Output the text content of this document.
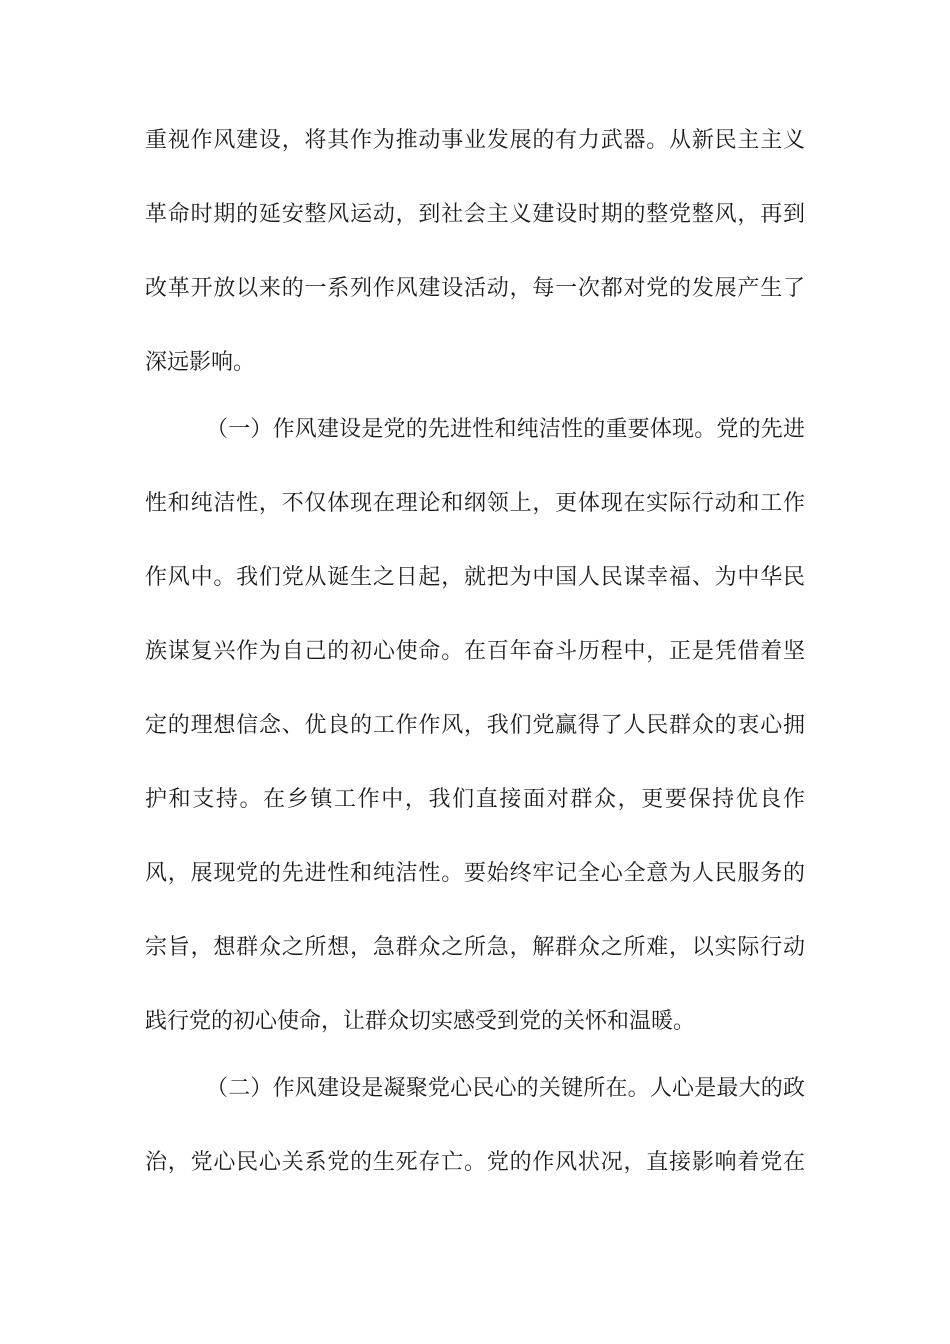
重视作风建设，将其作为推动事业发展的有力武器。从新民主主义
革命时期的延安整风运动，到社会主义建设时期的整党整风，再到
改革开放以来的一系列作风建设活动，每一次都对党的发展产生了
深远影响。
（一）作风建设是党的先进性和纯洁性的重要体现。党的先进
性和纯洁性，不仅体现在理论和纲领上，更体现在实际行动和工作
作风中。我们党从诞生之日起，就把为中国人民谋幸福、为中华民
族谋复兴作为自己的初心使命。在百年奋斗历程中，正是凭借着坚
定的理想信念、优良的工作作风，我们党赢得了人民群众的衷心拥
护和支持。在乡镇工作中，我们直接面对群众，更要保持优良作
风，展现党的先进性和纯洁性。要始终牢记全心全意为人民服务的
宗旨，想群众之所想，急群众之所急，解群众之所难，以实际行动
践行党的初心使命，让群众切实感受到党的关怀和温暖。
（二）作风建设是凝聚党心民心的关键所在。人心是最大的政
治，党心民心关系党的生死存亡。党的作风状况，直接影响着党在
